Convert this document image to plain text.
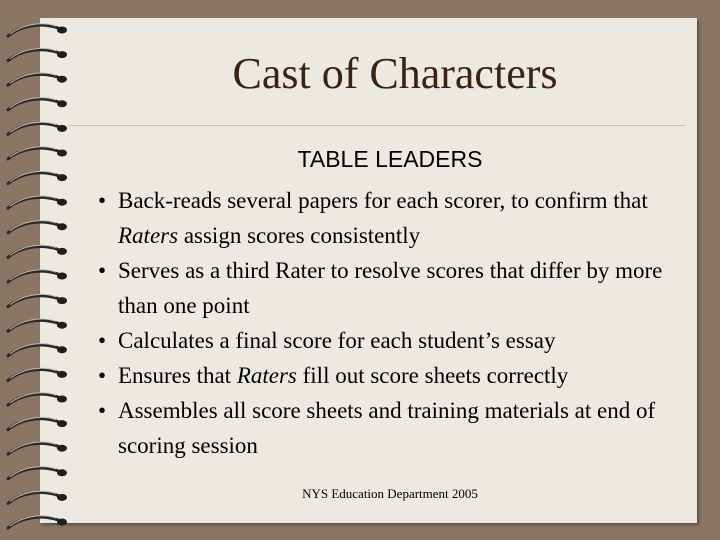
Cast of Characters
TABLE LEADERS
• Back-reads several papers for each scorer, to confirm that Raters assign scores consistently
• Serves as a third Rater to resolve scores that differ by more than one point
• Calculates a final score for each student’s essay
• Ensures that Raters fill out score sheets correctly
• Assembles all score sheets and training materials at end of scoring session
NYS Education Department 2005
